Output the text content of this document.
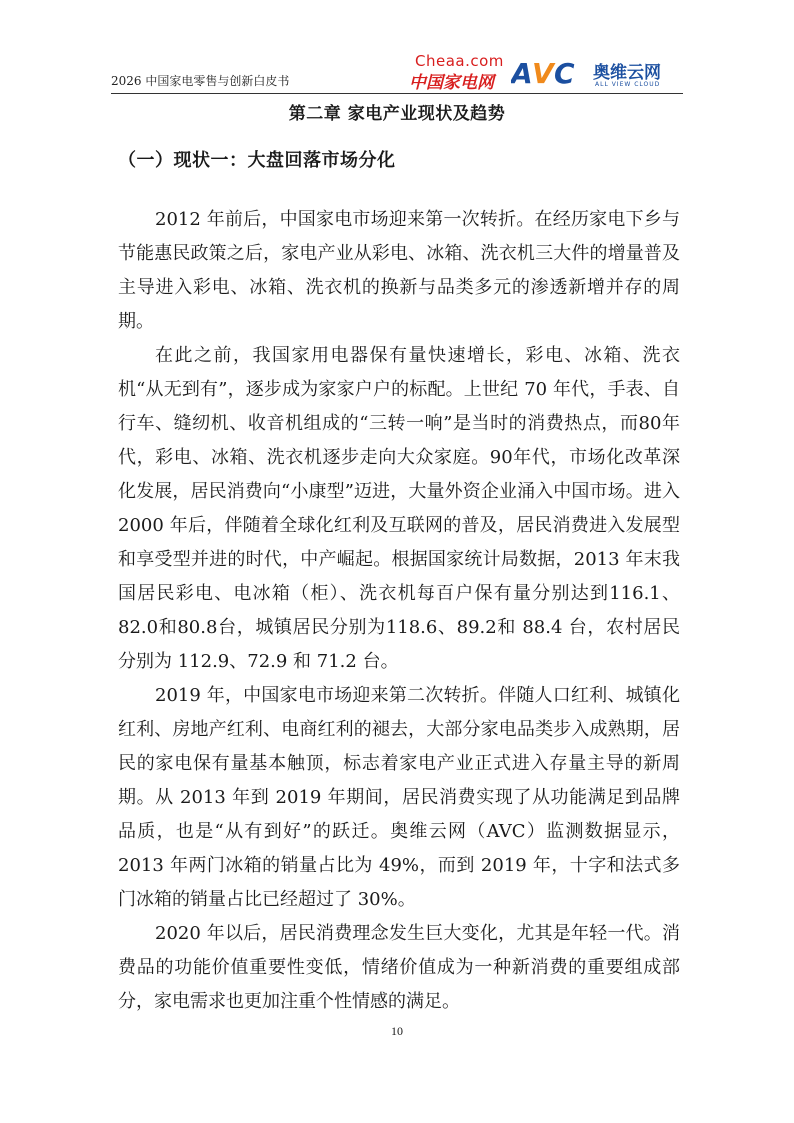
2026 中国家电零售与创新白皮书
Cheaa.com
中国家电网 A V C 奥维云网
ALL VIEW CLOUD
第二章 家电产业现状及趋势
（一）现状一：大盘回落市场分化

2012 年前后，中国家电市场迎来第一次转折。在经历家电下乡与节能惠民政策之后，家电产业从彩电、冰箱、洗衣机三大件的增量普及主导进入彩电、冰箱、洗衣机的换新与品类多元的渗透新增并存的周期。

在此之前，我国家用电器保有量快速增长，彩电、冰箱、洗衣机“从无到有”，逐步成为家家户户的标配。上世纪 70 年代，手表、自行车、缝纫机、收音机组成的“三转一响”是当时的消费热点，而80年代，彩电、冰箱、洗衣机逐步走向大众家庭。90年代，市场化改革深化发展，居民消费向“小康型”迈进，大量外资企业涌入中国市场。进入 2000 年后，伴随着全球化红利及互联网的普及，居民消费进入发展型和享受型并进的时代，中产崛起。根据国家统计局数据，2013 年末我国居民彩电、电冰箱（柜）、洗衣机每百户保有量分别达到116.1、82.0和80.8台，城镇居民分别为118.6、89.2和 88.4 台，农村居民分别为 112.9、72.9 和 71.2 台。

2019 年，中国家电市场迎来第二次转折。伴随人口红利、城镇化红利、房地产红利、电商红利的褪去，大部分家电品类步入成熟期，居民的家电保有量基本触顶，标志着家电产业正式进入存量主导的新周期。从 2013 年到 2019 年期间，居民消费实现了从功能满足到品牌品质，也是“从有到好”的跃迁。奥维云网（AVC）监测数据显示，2013 年两门冰箱的销量占比为 49%，而到 2019 年，十字和法式多门冰箱的销量占比已经超过了 30%。

2020 年以后，居民消费理念发生巨大变化，尤其是年轻一代。消费品的功能价值重要性变低，情绪价值成为一种新消费的重要组成部分，家电需求也更加注重个性情感的满足。

10
